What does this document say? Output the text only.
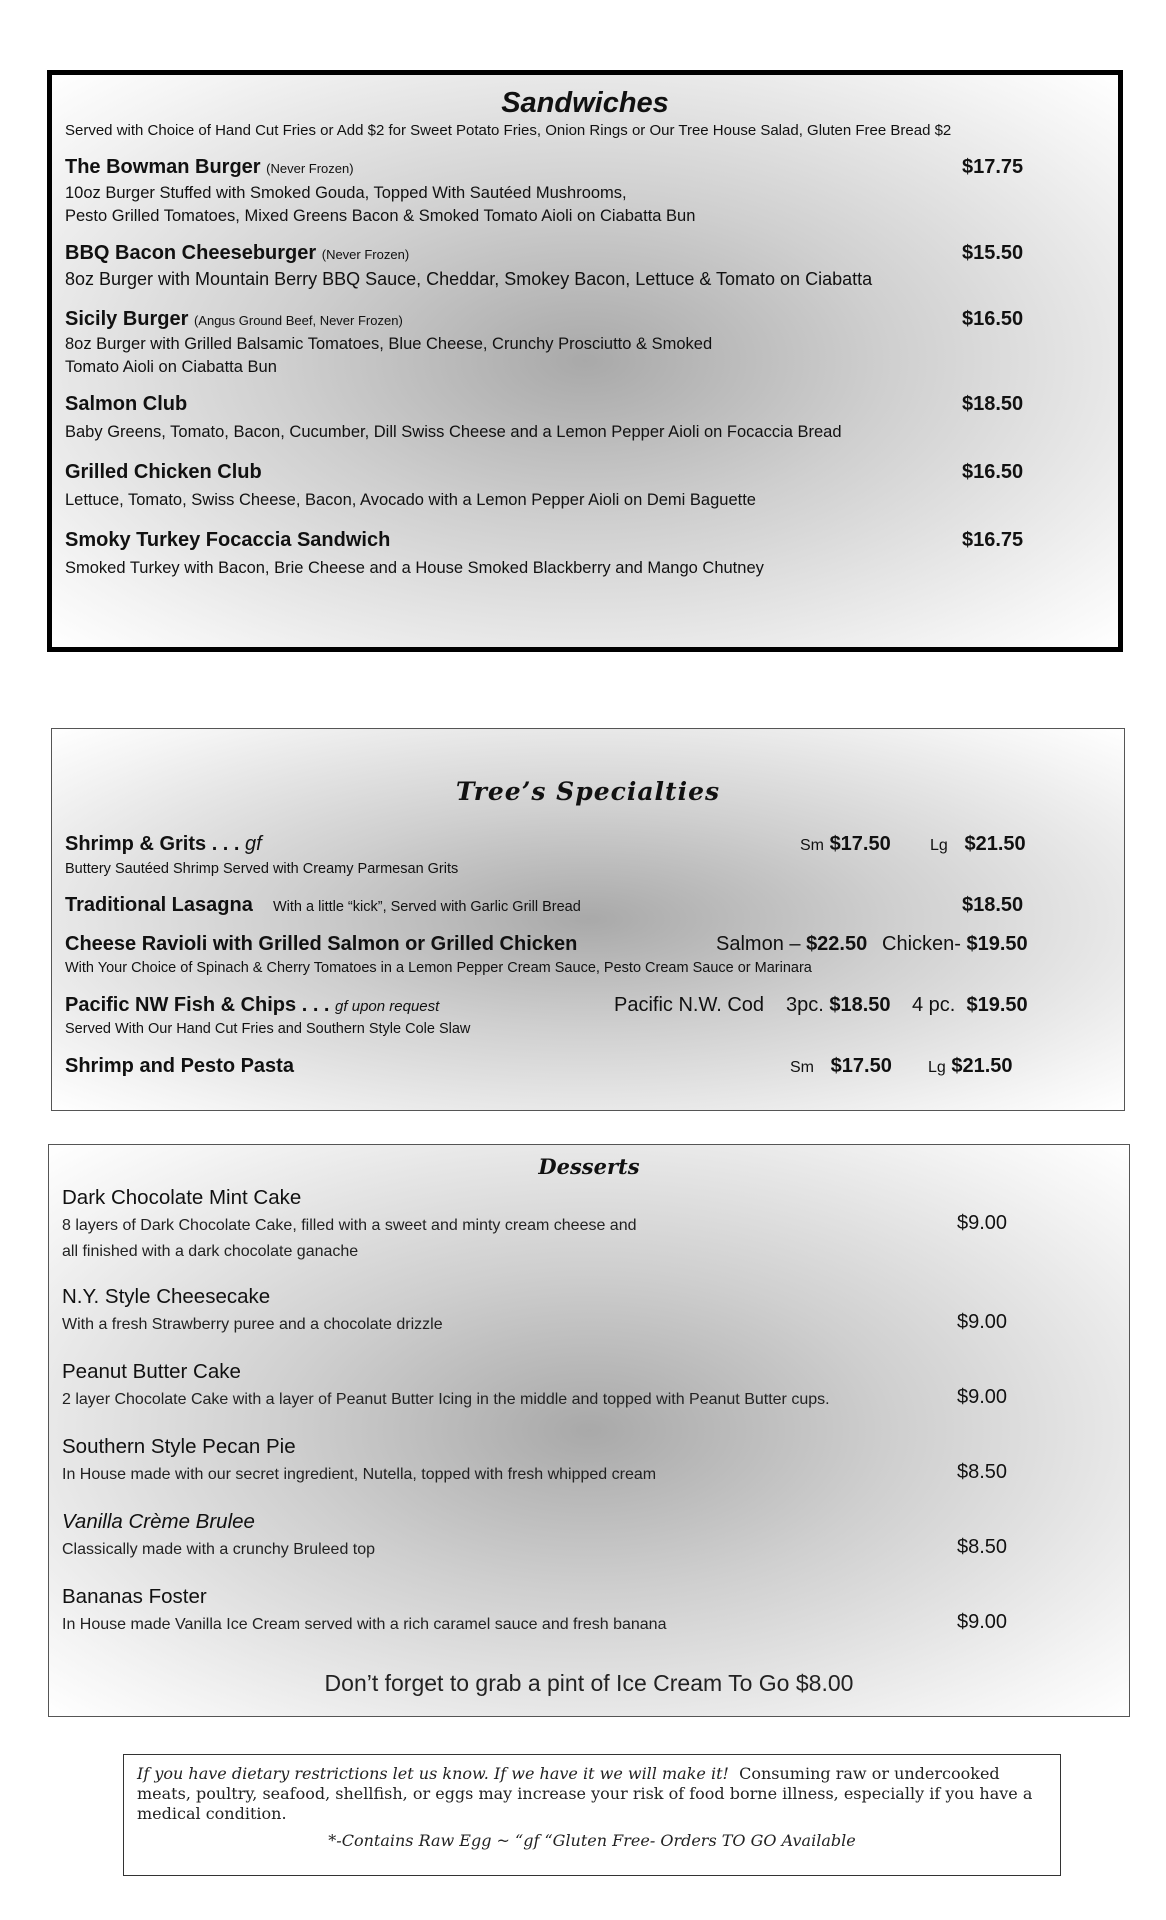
Sandwiches
Served with Choice of Hand Cut Fries or Add $2 for Sweet Potato Fries, Onion Rings or Our Tree House Salad, Gluten Free Bread $2
The Bowman Burger (Never Frozen)
10oz Burger Stuffed with Smoked Gouda, Topped With Sautéed Mushrooms,
Pesto Grilled Tomatoes, Mixed Greens Bacon & Smoked Tomato Aioli on Ciabatta Bun
$17.75
BBQ Bacon Cheeseburger (Never Frozen)
8oz Burger with Mountain Berry BBQ Sauce, Cheddar, Smokey Bacon, Lettuce & Tomato on Ciabatta
$15.50
Sicily Burger (Angus Ground Beef, Never Frozen)
8oz Burger with Grilled Balsamic Tomatoes, Blue Cheese, Crunchy Prosciutto & Smoked
Tomato Aioli on Ciabatta Bun
$16.50
Salmon Club
Baby Greens, Tomato, Bacon, Cucumber, Dill Swiss Cheese and a Lemon Pepper Aioli on Focaccia Bread
$18.50
Grilled Chicken Club
Lettuce, Tomato, Swiss Cheese, Bacon, Avocado with a Lemon Pepper Aioli on Demi Baguette
$16.50
Smoky Turkey Focaccia Sandwich
Smoked Turkey with Bacon, Brie Cheese and a House Smoked Blackberry and Mango Chutney
$16.75
Tree’s Specialties
Shrimp & Grits . . . gf
Buttery Sautéed Shrimp Served with Creamy Parmesan Grits
Sm $17.50 Lg $21.50
Traditional Lasagna With a little “kick”, Served with Garlic Grill Bread	$18.50
Cheese Ravioli with Grilled Salmon or Grilled Chicken
With Your Choice of Spinach & Cherry Tomatoes in a Lemon Pepper Cream Sauce, Pesto Cream Sauce or Marinara
Salmon – $22.50 Chicken- $19.50
Pacific NW Fish & Chips . . . gf upon request
Served With Our Hand Cut Fries and Southern Style Cole Slaw
Pacific N.W. Cod 3pc. $18.50 4 pc. $19.50
Shrimp and Pesto Pasta	Sm $17.50 Lg $21.50
Desserts
Dark Chocolate Mint Cake
8 layers of Dark Chocolate Cake, filled with a sweet and minty cream cheese and
all finished with a dark chocolate ganache
$9.00
N.Y. Style Cheesecake
With a fresh Strawberry puree and a chocolate drizzle	$9.00
Peanut Butter Cake
2 layer Chocolate Cake with a layer of Peanut Butter Icing in the middle and topped with Peanut Butter cups.	$9.00
Southern Style Pecan Pie
In House made with our secret ingredient, Nutella, topped with fresh whipped cream	$8.50
Vanilla Crème Brulee
Classically made with a crunchy Bruleed top	$8.50
Bananas Foster
In House made Vanilla Ice Cream served with a rich caramel sauce and fresh banana	$9.00
Don’t forget to grab a pint of Ice Cream To Go $8.00
If you have dietary restrictions let us know. If we have it we will make it! Consuming raw or undercooked meats, poultry, seafood, shellfish, or eggs may increase your risk of food borne illness, especially if you have a medical condition.
*-Contains Raw Egg ~ “gf “Gluten Free- Orders TO GO Available
